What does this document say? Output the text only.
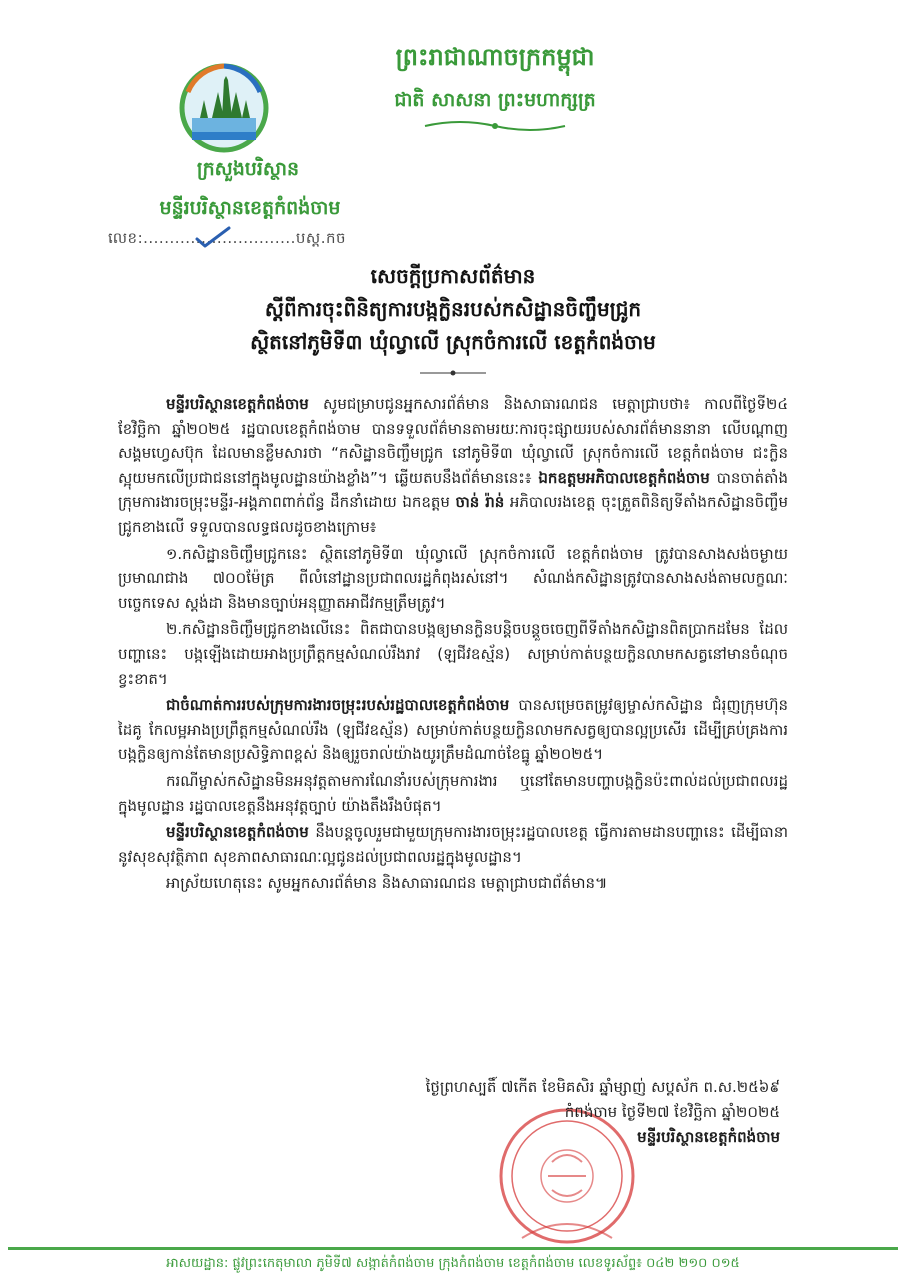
ព្រះរាជាណាចក្រកម្ពុជា
ជាតិ សាសនា ព្រះមហាក្សត្រ
ក្រសួងបរិស្ថាន
មន្ទីរបរិស្ថានខេត្តកំពង់ចាម
លេខ:.............................បស្ត.កច
សេចក្តីប្រកាសព័ត៌មាន
ស្តីពីការចុះពិនិត្យការបង្កក្លិនរបស់កសិដ្ឋានចិញ្ចឹមជ្រូក
ស្ថិតនៅភូមិទី៣ ឃុំល្វាលើ ស្រុកចំការលើ ខេត្តកំពង់ចាម

មន្ទីរបរិស្ថានខេត្តកំពង់ចាម សូមជម្រាបជូនអ្នកសារព័ត៌មាន និងសាធារណជន មេត្តាជ្រាបថា៖ កាលពីថ្ងៃទី២៤ ខែវិច្ឆិកា ឆ្នាំ២០២៥ រដ្ឋបាលខេត្តកំពង់ចាម បានទទួលព័ត៌មានតាមរយៈការចុះផ្សាយរបស់សារព័ត៌មាននានា លើបណ្តាញសង្គមហ្វេសប៊ុក ដែលមានខ្លឹមសារថា “កសិដ្ឋានចិញ្ចឹមជ្រូក នៅភូមិទី៣ ឃុំល្វាលើ ស្រុកចំការលើ ខេត្តកំពង់ចាម ជះក្លិនស្អុយមកលើប្រជាជននៅក្នុងមូលដ្ឋានយ៉ាងខ្លាំង”។ ឆ្លើយតបនឹងព័ត៌មាននេះ៖ ឯកឧត្តមអភិបាលខេត្តកំពង់ចាម បានចាត់តាំងក្រុមការងារចម្រុះមន្ទីរ-អង្គភាពពាក់ព័ន្ធ ដឹកនាំដោយ ឯកឧត្តម ចាន់ រ៉ាន់ អភិបាលរងខេត្ត ចុះត្រួតពិនិត្យទីតាំងកសិដ្ឋានចិញ្ចឹមជ្រូកខាងលើ ទទួលបានលទ្ធផលដូចខាងក្រោម៖

១.កសិដ្ឋានចិញ្ចឹមជ្រូកនេះ ស្ថិតនៅភូមិទី៣ ឃុំល្វាលើ ស្រុកចំការលើ ខេត្តកំពង់ចាម ត្រូវបានសាងសង់ចម្ងាយប្រមាណជាង ៧០០ម៉ែត្រ ពីលំនៅដ្ឋានប្រជាពលរដ្ឋកំពុងរស់នៅ។ សំណង់កសិដ្ឋានត្រូវបានសាងសង់តាមលក្ខណៈបច្ចេកទេស ស្តង់ដា និងមានច្បាប់អនុញ្ញាតអាជីវកម្មត្រឹមត្រូវ។

២.កសិដ្ឋានចិញ្ចឹមជ្រូកខាងលើនេះ ពិតជាបានបង្កឲ្យមានក្លិនបន្តិចបន្តួចចេញពីទីតាំងកសិដ្ឋានពិតប្រាកដមែន ដែលបញ្ហានេះ បង្កឡើងដោយអាងប្រព្រឹត្តកម្មសំណល់រឹងរាវ (ឡជីវឧស្ម័ន) សម្រាប់កាត់បន្ថយក្លិនលាមកសត្វនៅមានចំណុចខ្វះខាត។

ជាចំណាត់ការរបស់ក្រុមការងារចម្រុះរបស់រដ្ឋបាលខេត្តកំពង់ចាម បានសម្រេចតម្រូវឲ្យម្ចាស់កសិដ្ឋាន ជំរុញក្រុមហ៊ុនដៃគូ កែលម្អអាងប្រព្រឹត្តកម្មសំណល់រឹង (ឡជីវឧស្ម័ន) សម្រាប់កាត់បន្ថយក្លិនលាមកសត្វឲ្យបានល្អប្រសើរ ដើម្បីគ្រប់គ្រងការបង្កក្លិនឲ្យកាន់តែមានប្រសិទ្ធិភាពខ្ពស់ និងឲ្យរួចរាល់យ៉ាងយូរត្រឹមដំណាច់ខែធ្នូ ឆ្នាំ២០២៥។

ករណីម្ចាស់កសិដ្ឋានមិនអនុវត្តតាមការណែនាំរបស់ក្រុមការងារ ឬនៅតែមានបញ្ហាបង្កក្លិនប៉ះពាល់ដល់ប្រជាពលរដ្ឋក្នុងមូលដ្ឋាន រដ្ឋបាលខេត្តនឹងអនុវត្តច្បាប់ យ៉ាងតឹងរឹងបំផុត។

មន្ទីរបរិស្ថានខេត្តកំពង់ចាម នឹងបន្តចូលរួមជាមួយក្រុមការងារចម្រុះរដ្ឋបាលខេត្ត ធ្វើការតាមដានបញ្ហានេះ ដើម្បីធានានូវសុខសុវត្ថិភាព សុខភាពសាធារណៈល្អជូនដល់ប្រជាពលរដ្ឋក្នុងមូលដ្ឋាន។

អាស្រ័យហេតុនេះ សូមអ្នកសារព័ត៌មាន និងសាធារណជន មេត្តាជ្រាបជាព័ត៌មាន៕

ថ្ងៃព្រហស្បតិ៍ ៧កើត ខែមិគសិរ ឆ្នាំម្សាញ់ សប្តស័ក ព.ស.២៥៦៩
កំពង់ចាម ថ្ងៃទី២៧ ខែវិច្ឆិកា ឆ្នាំ២០២៥
មន្ទីរបរិស្ថានខេត្តកំពង់ចាម
អាសយដ្ឋាន: ផ្លូវព្រះកេតុមាលា ភូមិទី៧ សង្កាត់កំពង់ចាម ក្រុងកំពង់ចាម ខេត្តកំពង់ចាម លេខទូរស័ព្ទ៖ ០៤២ ២១០ ០១៥
